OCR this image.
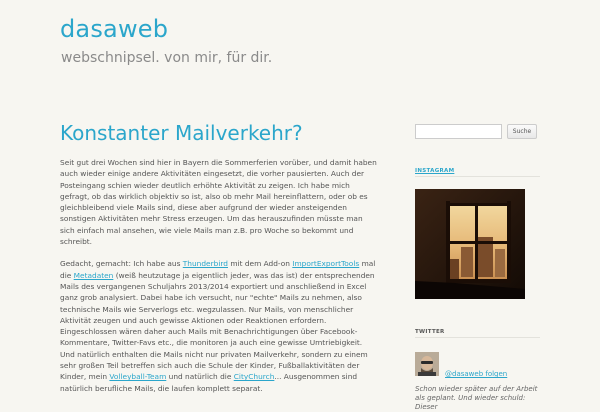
dasaweb
webschnipsel. von mir, für dir.
Konstanter Mailverkehr?

Seit gut drei Wochen sind hier in Bayern die Sommerferien vorüber, und damit haben auch wieder einige andere Aktivitäten eingesetzt, die vorher pausierten. Auch der Posteingang schien wieder deutlich erhöhte Aktivität zu zeigen. Ich habe mich gefragt, ob das wirklich objektiv so ist, also ob mehr Mail hereinflattern, oder ob es gleichbleibend viele Mails sind, diese aber aufgrund der wieder ansteigenden sonstigen Aktivitäten mehr Stress erzeugen. Um das herauszufinden müsste man sich einfach mal ansehen, wie viele Mails man z.B. pro Woche so bekommt und schreibt.

Gedacht, gemacht: Ich habe aus Thunderbird mit dem Add-on ImportExportTools mal die Metadaten (weiß heutzutage ja eigentlich jeder, was das ist) der entsprechenden Mails des vergangenen Schuljahrs 2013/2014 exportiert und anschließend in Excel ganz grob analysiert. Dabei habe ich versucht, nur "echte" Mails zu nehmen, also technische Mails wie Serverlogs etc. wegzulassen. Nur Mails, von menschlicher Aktivität zeugen und auch gewisse Aktionen oder Reaktionen erfordern. Eingeschlossen wären daher auch Mails mit Benachrichtigungen über Facebook-Kommentare, Twitter-Favs etc., die monitoren ja auch eine gewisse Umtriebigkeit. Und natürlich enthalten die Mails nicht nur privaten Mailverkehr, sondern zu einem sehr großen Teil betreffen sich auch die Schule der Kinder, Fußballaktivitäten der Kinder, mein Volleyball-Team und natürlich die CityChurch... Ausgenommen sind natürlich berufliche Mails, die laufen komplett separat.

Suche
INSTAGRAM
TWITTER
@dasaweb folgen
Schon wieder später auf der Arbeit als geplant. Und wieder schuld: Dieser
